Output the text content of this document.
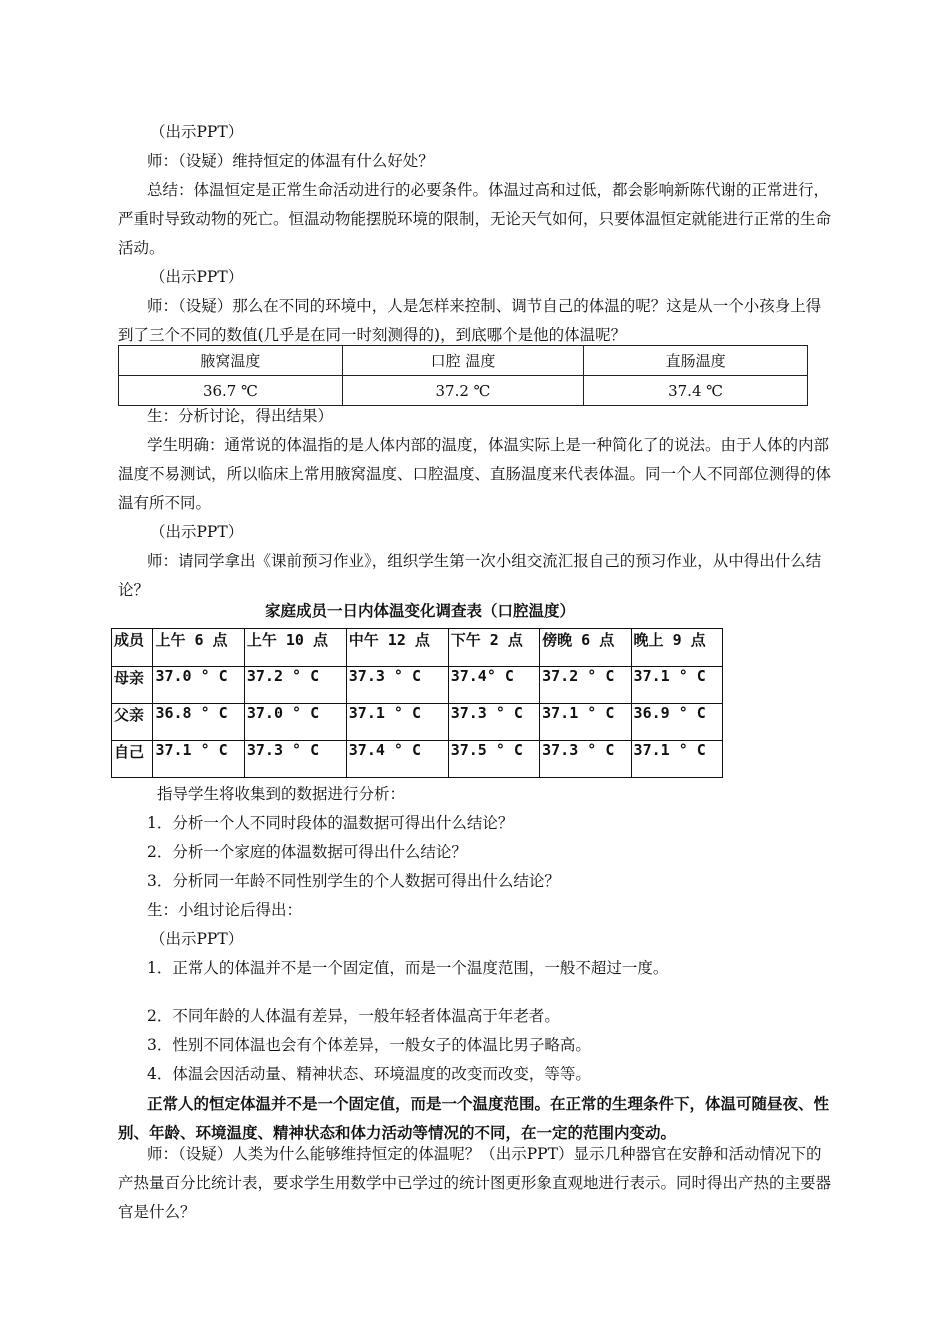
（出示PPT）

师：（设疑）维持恒定的体温有什么好处？

总结：体温恒定是正常生命活动进行的必要条件。体温过高和过低，都会影响新陈代谢的正常进行，严重时导致动物的死亡。恒温动物能摆脱环境的限制，无论天气如何，只要体温恒定就能进行正常的生命活动。

（出示PPT）

师：（设疑）那么在不同的环境中，人是怎样来控制、调节自己的体温的呢？这是从一个小孩身上得到了三个不同的数值(几乎是在同一时刻测得的)，到底哪个是他的体温呢？

腋窝温度	口腔 温度	直肠温度
36.7 ℃	37.2 ℃	37.4 ℃

生：分析讨论，得出结果）

学生明确：通常说的体温指的是人体内部的温度，体温实际上是一种简化了的说法。由于人体的内部温度不易测试，所以临床上常用腋窝温度、口腔温度、直肠温度来代表体温。同一个人不同部位测得的体温有所不同。

（出示PPT）

师：请同学拿出《课前预习作业》，组织学生第一次小组交流汇报自己的预习作业，从中得出什么结论？

家庭成员一日内体温变化调查表（口腔温度）
成员	上午 6 点	上午 10 点	中午 12 点	下午 2 点	傍晚 6 点	晚上 9 点
母亲	37.0 ° C	37.2 ° C	37.3 ° C	37.4° C	37.2 ° C	37.1 ° C
父亲	36.8 ° C	37.0 ° C	37.1 ° C	37.3 ° C	37.1 ° C	36.9 ° C
自己	37.1 ° C	37.3 ° C	37.4 ° C	37.5 ° C	37.3 ° C	37.1 ° C

指导学生将收集到的数据进行分析：

1．分析一个人不同时段体的温数据可得出什么结论？

2．分析一个家庭的体温数据可得出什么结论？

3．分析同一年龄不同性别学生的个人数据可得出什么结论？

生：小组讨论后得出：

（出示PPT）

1．正常人的体温并不是一个固定值，而是一个温度范围，一般不超过一度。

2．不同年龄的人体温有差异，一般年轻者体温高于年老者。

3．性别不同体温也会有个体差异，一般女子的体温比男子略高。

4．体温会因活动量、精神状态、环境温度的改变而改变，等等。

正常人的恒定体温并不是一个固定值，而是一个温度范围。在正常的生理条件下，体温可随昼夜、性别、年龄、环境温度、精神状态和体力活动等情况的不同，在一定的范围内变动。

师：（设疑）人类为什么能够维持恒定的体温呢？（出示PPT）显示几种器官在安静和活动情况下的产热量百分比统计表，要求学生用数学中已学过的统计图更形象直观地进行表示。同时得出产热的主要器官是什么？
